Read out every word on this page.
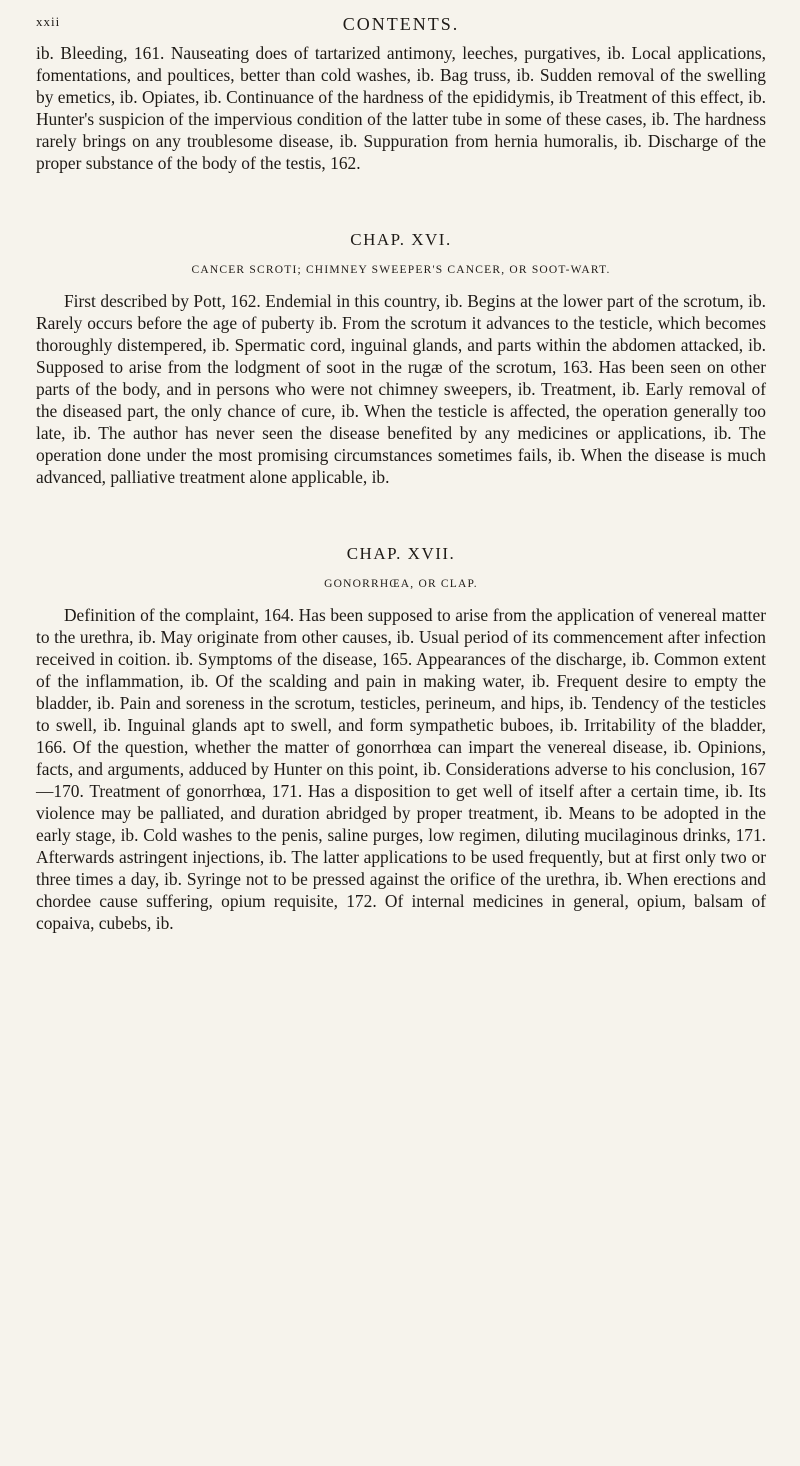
xxii	CONTENTS.

ib. Bleeding, 161. Nauseating does of tartarized antimony, leeches, purgatives, ib. Local applications, fomentations, and poultices, better than cold washes, ib. Bag truss, ib. Sudden removal of the swelling by emetics, ib. Opiates, ib. Continuance of the hardness of the epididymis, ib Treatment of this effect, ib. Hunter's suspicion of the impervious condition of the latter tube in some of these cases, ib. The hardness rarely brings on any troublesome disease, ib. Suppuration from hernia humoralis, ib. Discharge of the proper substance of the body of the testis, 162.

CHAP. XVI.
CANCER SCROTI; CHIMNEY SWEEPER'S CANCER, OR SOOT-WART.

First described by Pott, 162. Endemial in this country, ib. Begins at the lower part of the scrotum, ib. Rarely occurs before the age of puberty ib. From the scrotum it advances to the testicle, which becomes thoroughly distempered, ib. Spermatic cord, inguinal glands, and parts within the abdomen attacked, ib. Supposed to arise from the lodgment of soot in the rugæ of the scrotum, 163. Has been seen on other parts of the body, and in persons who were not chimney sweepers, ib. Treatment, ib. Early removal of the diseased part, the only chance of cure, ib. When the testicle is affected, the operation generally too late, ib. The author has never seen the disease benefited by any medicines or applications, ib. The operation done under the most promising circumstances sometimes fails, ib. When the disease is much advanced, palliative treatment alone applicable, ib.

CHAP. XVII.
GONORRHŒA, OR CLAP.

Definition of the complaint, 164. Has been supposed to arise from the application of venereal matter to the urethra, ib. May originate from other causes, ib. Usual period of its commencement after infection received in coition. ib. Symptoms of the disease, 165. Appearances of the discharge, ib. Common extent of the inflammation, ib. Of the scalding and pain in making water, ib. Frequent desire to empty the bladder, ib. Pain and soreness in the scrotum, testicles, perineum, and hips, ib. Tendency of the testicles to swell, ib. Inguinal glands apt to swell, and form sympathetic buboes, ib. Irritability of the bladder, 166. Of the question, whether the matter of gonorrhœa can impart the venereal disease, ib. Opinions, facts, and arguments, adduced by Hunter on this point, ib. Considerations adverse to his conclusion, 167—170. Treatment of gonorrhœa, 171. Has a disposition to get well of itself after a certain time, ib. Its violence may be palliated, and duration abridged by proper treatment, ib. Means to be adopted in the early stage, ib. Cold washes to the penis, saline purges, low regimen, diluting mucilaginous drinks, 171. Afterwards astringent injections, ib. The latter applications to be used frequently, but at first only two or three times a day, ib. Syringe not to be pressed against the orifice of the urethra, ib. When erections and chordee cause suffering, opium requisite, 172. Of internal medicines in general, opium, balsam of copaiva, cubebs, ib.
